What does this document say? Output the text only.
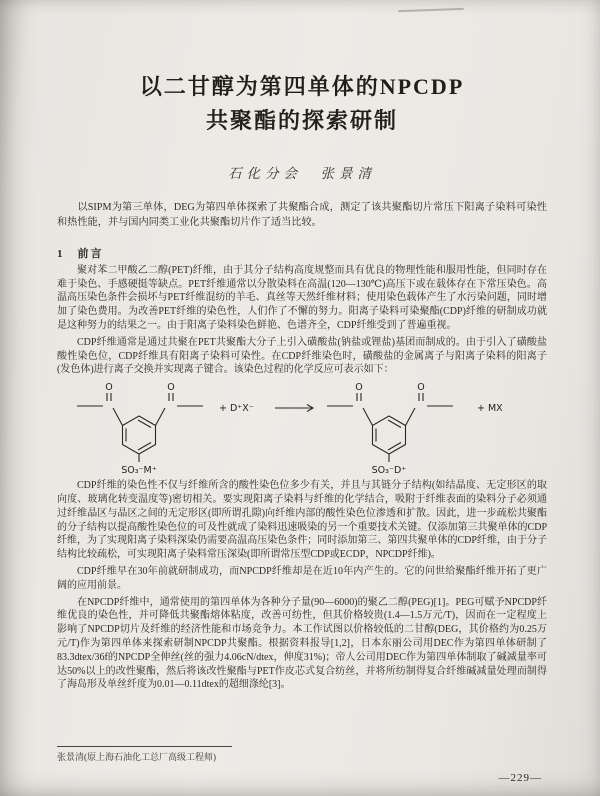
以二甘醇为第四单体的NPCDP
共聚酯的探索研制
石化分会　张景清

以SIPM为第三单体，DEG为第四单体探索了共聚酯合成，测定了该共聚酯切片常压下阳离子染料可染性和热性能，并与国内同类工业化共聚酯切片作了适当比较。

1　前言

聚对苯二甲酸乙二醇(PET)纤维，由于其分子结构高度规整而具有优良的物理性能和服用性能，但同时存在难于染色、手感硬挺等缺点。PET纤维通常以分散染料在高温(120—130℃)高压下或在载体存在下常压染色。高温高压染色条件会损坏与PET纤维混纺的羊毛、真丝等天然纤维材料；使用染色载体产生了水污染问题，同时增加了染色费用。为改善PET纤维的染色性，人们作了不懈的努力。阳离子染料可染聚酯(CDP)纤维的研制成功就是这种努力的结果之一。由于阳离子染料染色鲜艳、色谱齐全，CDP纤维受到了普遍重视。

CDP纤维通常是通过共聚在PET共聚酯大分子上引入磺酸盐(钠盐或锂盐)基团而制成的。由于引入了磺酸盐酸性染色位，CDP纤维具有阳离子染料可染性。在CDP纤维染色时，磺酸盐的金属离子与阳离子染料的阳离子(发色体)进行离子交换并实现离子键合。该染色过程的化学反应可表示如下：

O	O
SO₃⁻M⁺
+ D⁺X⁻
O	O
SO₃⁻D⁺
+ MX

CDP纤维的染色性不仅与纤维所含的酸性染色位多少有关，并且与其链分子结构(如结晶度、无定形区的取向度、玻璃化转变温度等)密切相关。要实现阳离子染料与纤维的化学结合，吸附于纤维表面的染料分子必须通过纤维晶区与晶区之间的无定形区(即所谓孔隙)向纤维内部的酸性染色位渗透和扩散。因此，进一步疏松共聚酯的分子结构以提高酸性染色位的可及性就成了染料迅速吸染的另一个重要技术关键。仅添加第三共聚单体的CDP纤维，为了实现阳离子染料深染仍需要高温高压染色条件；同时添加第三、第四共聚单体的CDP纤维，由于分子结构比较疏松，可实现阳离子染料常压深染(即所谓常压型CDP或ECDP，NPCDP纤维)。

CDP纤维早在30年前就研制成功，而NPCDP纤维却是在近10年内产生的。它的问世给聚酯纤维开拓了更广阔的应用前景。

在NPCDP纤维中，通常使用的第四单体为各种分子量(90—6000)的聚乙二醇(PEG)[1]。PEG可赋予NPCDP纤维优良的染色性，并可降低共聚酯熔体粘度，改善可纺性，但其价格较贵(1.4—1.5万元/T)，因而在一定程度上影响了NPCDP切片及纤维的经济性能和市场竞争力。本工作试图以价格较低的二甘醇(DEG，其价格约为0.25万元/T)作为第四单体来探索研制NPCDP共聚酯。根据资料报导[1,2]，日本东丽公司用DEC作为第四单体研制了83.3dtex/36f的NPCDP全伸丝(丝的强力4.06cN/dtex，伸度31%)；帝人公司用DEC作为第四单体制取了碱减量率可达50%以上的改性聚酯，然后将该改性聚酯与PET作皮芯式复合纺丝，并将所纺制得复合纤维碱减量处理而制得了海岛形及单丝纤度为0.01—0.11dtex的超细涤纶[3]。

张景清(原上海石油化工总厂高级工程师)
—229—
